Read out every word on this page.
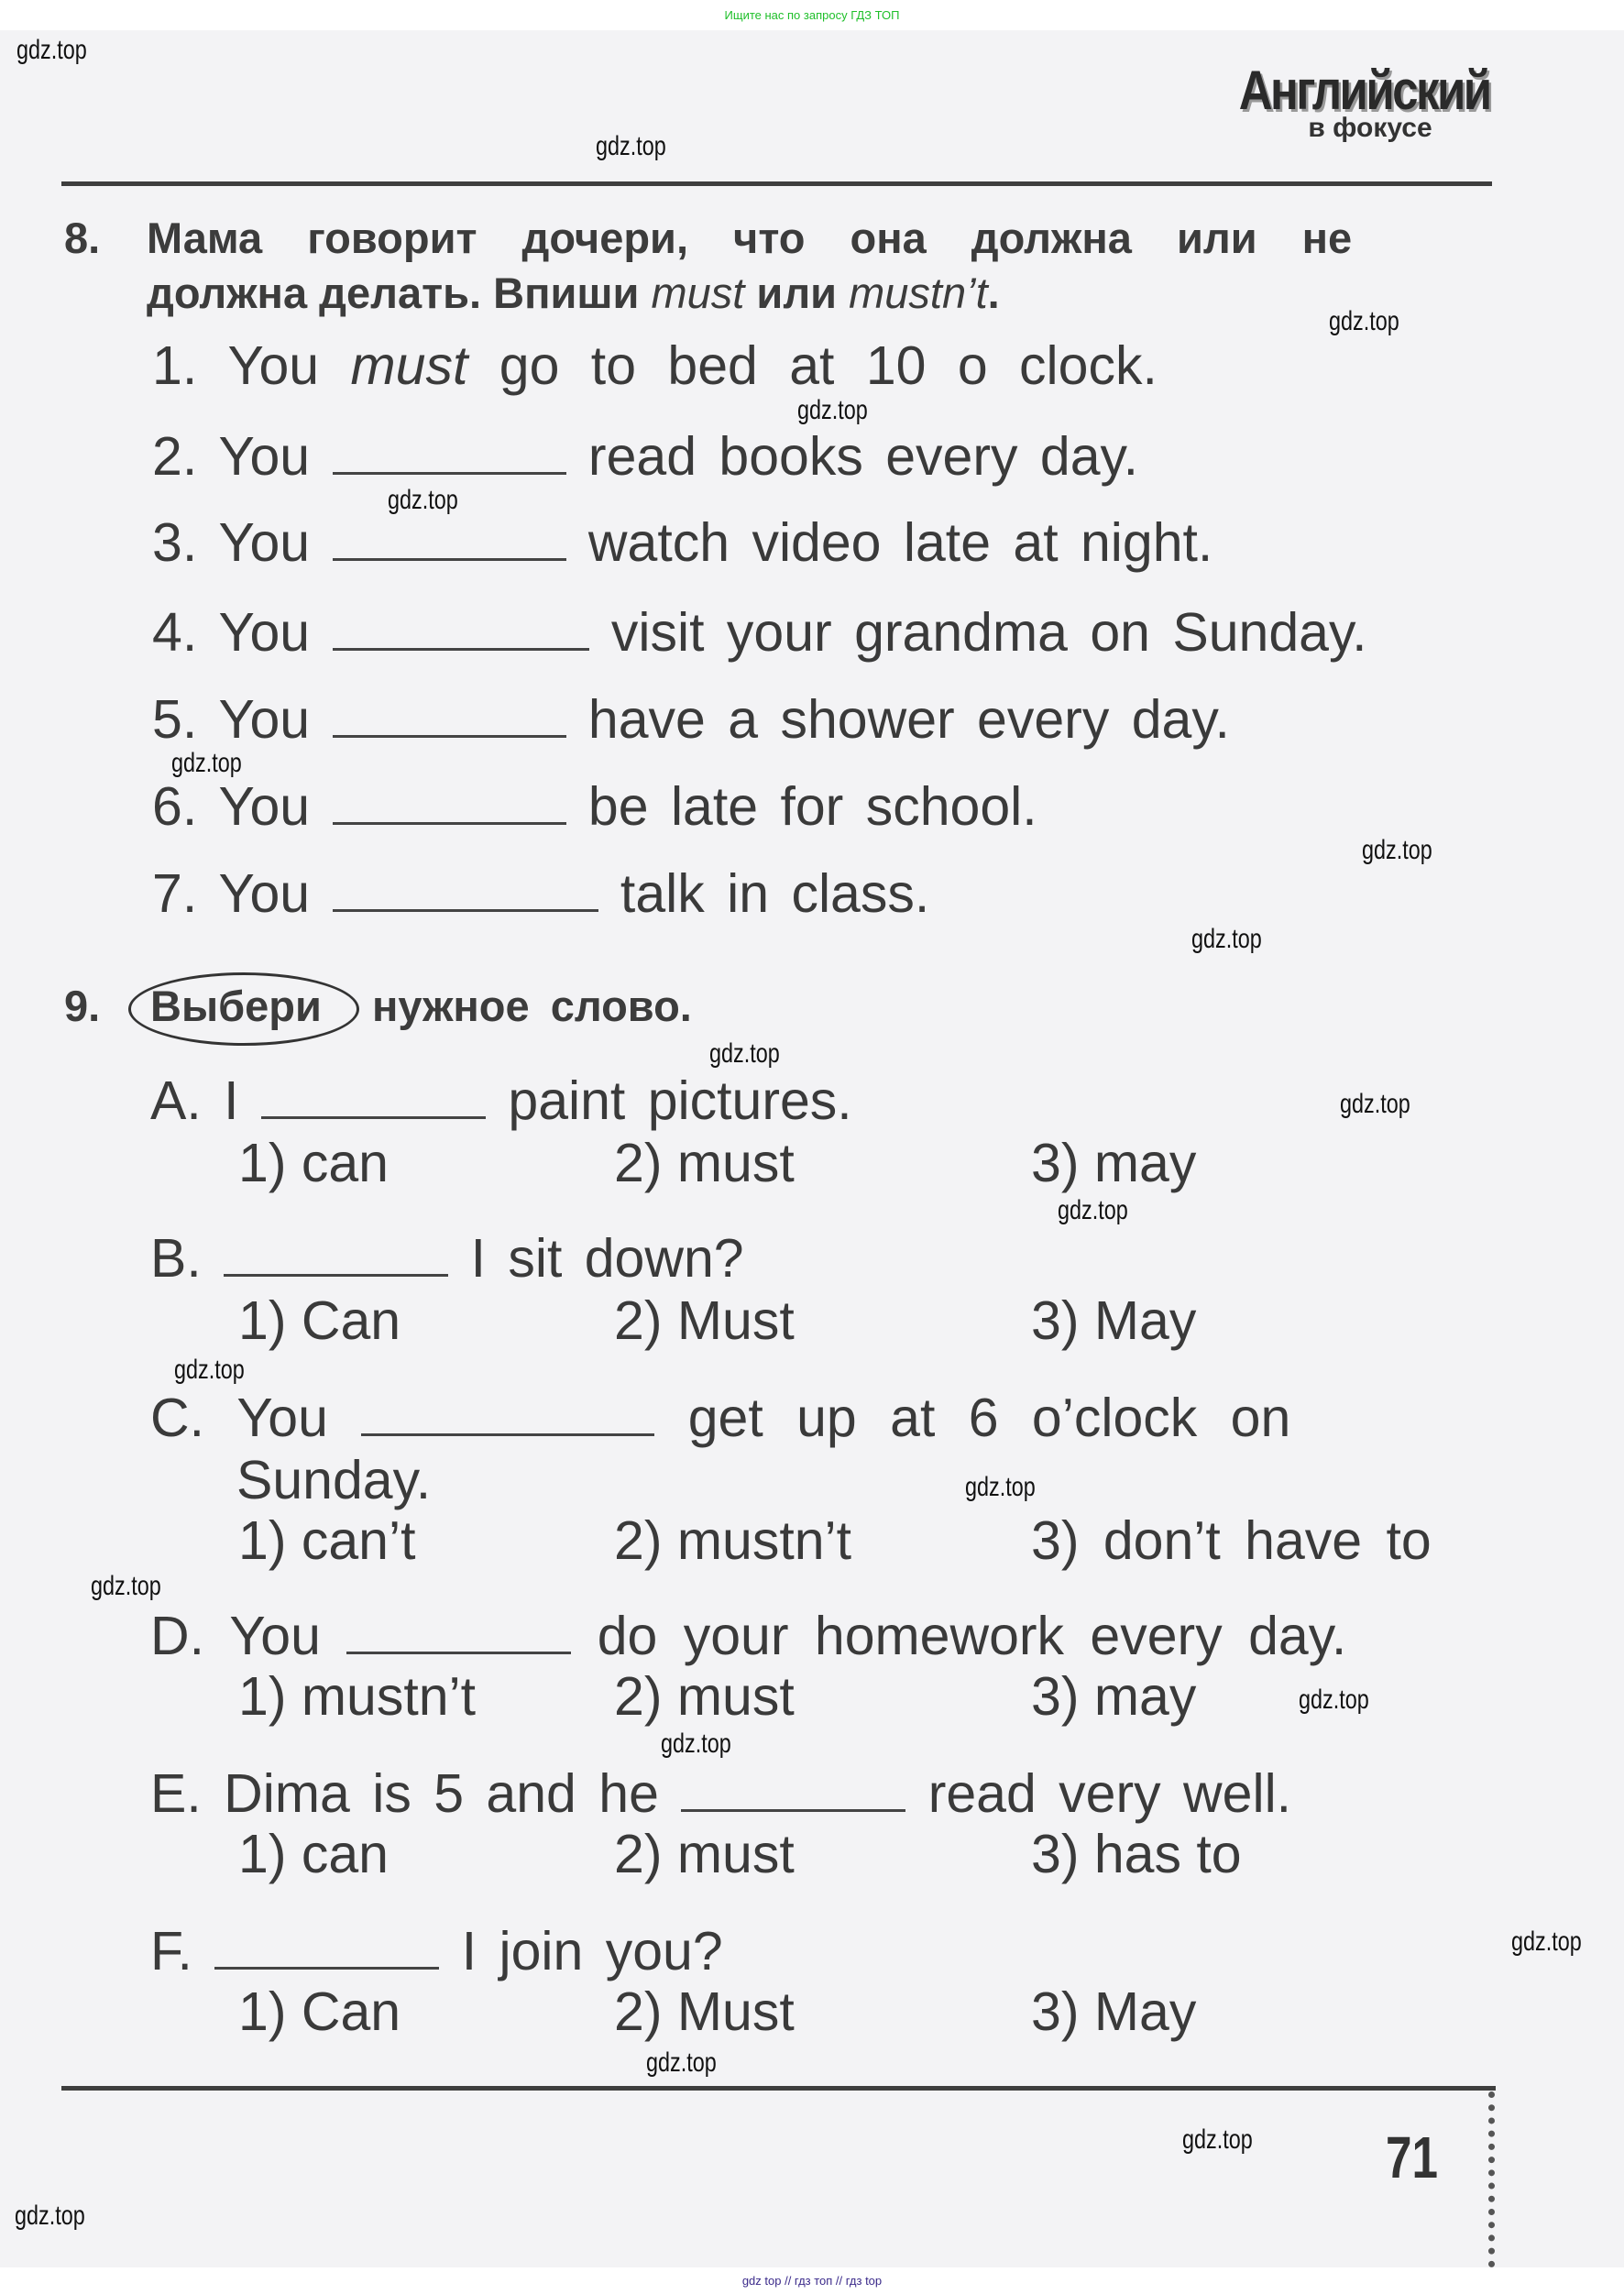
Ищите нас по запросу ГДЗ ТОП
Английский
в фокусе
8. Мама говорит дочери, что она должна или не
должна делать. Впиши must или mustn’t.
1. You must go to bed at 10 o clock.
2. You	read books every day.
3. You	watch video late at night.
4. You	visit your grandma on Sunday.
5. You	have a shower every day.
6. You	be late for school.
7. You	talk in class.
9. Выбери нужное слово.
A. I	paint pictures.
1) can	2) must	3) may
B.	I sit down?
1) Can	2) Must	3) May
C. You	get up at 6 o’clock on
Sunday.
1) can’t	2) mustn’t	3) don’t have to
D. You	do your homework every day.
1) mustn’t	2) must	3) may
E. Dima is 5 and he	read very well.
1) can	2) must	3) has to
F.	I join you?
1) Can	2) Must	3) May
71
gdz.top
gdz.top
gdz.top
gdz.top
gdz.top
gdz.top
gdz.top
gdz.top
gdz.top
gdz.top
gdz.top
gdz.top
gdz.top
gdz.top
gdz.top
gdz.top
gdz.top
gdz.top
gdz.top
gdz.top
gdz top // гдз топ // гдз top
